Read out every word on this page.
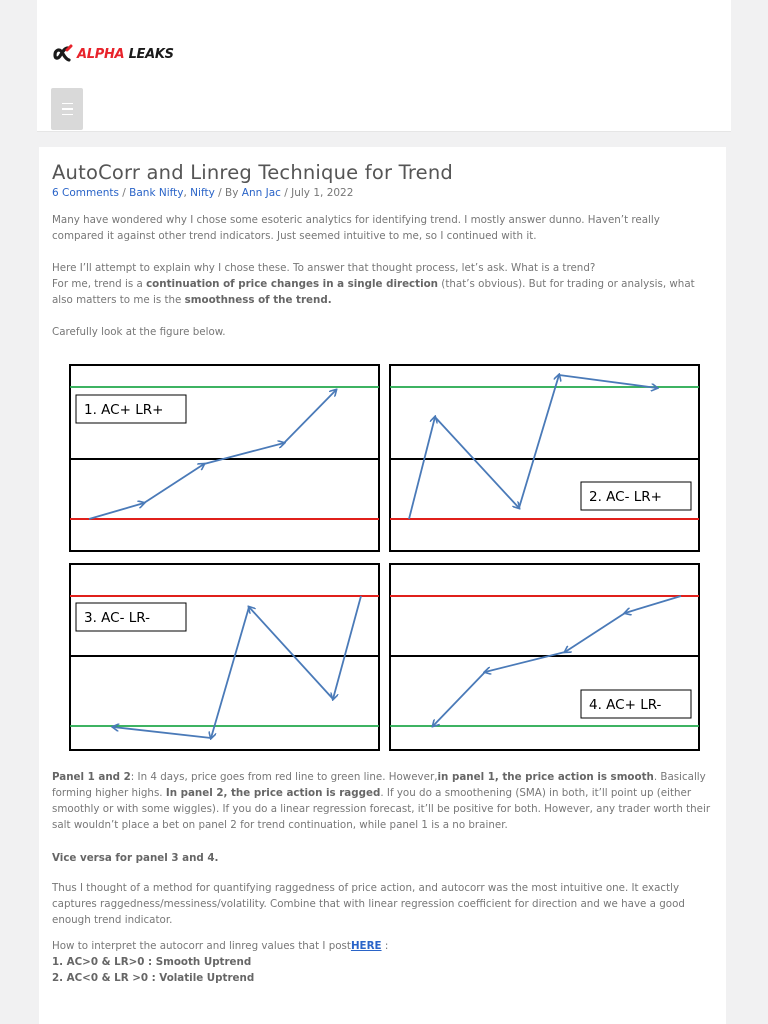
ALPHA LEAKS
AutoCorr and Linreg Technique for Trend
6 Comments / Bank Nifty, Nifty / By Ann Jac / July 1, 2022

Many have wondered why I chose some esoteric analytics for identifying trend. I mostly answer dunno. Haven’t really compared it against other trend indicators. Just seemed intuitive to me, so I continued with it.

Here I’ll attempt to explain why I chose these. To answer that thought process, let’s ask. What is a trend?
For me, trend is a continuation of price changes in a single direction (that’s obvious). But for trading or analysis, what also matters to me is the smoothness of the trend.

Carefully look at the figure below.

1. AC+ LR+
2. AC- LR+
3. AC- LR-
4. AC+ LR-

Panel 1 and 2: In 4 days, price goes from red line to green line. However,in panel 1, the price action is smooth. Basically forming higher highs. In panel 2, the price action is ragged. If you do a smoothening (SMA) in both, it’ll point up (either smoothly or with some wiggles). If you do a linear regression forecast, it’ll be positive for both. However, any trader worth their salt wouldn’t place a bet on panel 2 for trend continuation, while panel 1 is a no brainer.

Vice versa for panel 3 and 4.

Thus I thought of a method for quantifying raggedness of price action, and autocorr was the most intuitive one. It exactly captures raggedness/messiness/volatility. Combine that with linear regression coefficient for direction and we have a good enough trend indicator.

How to interpret the autocorr and linreg values that I postHERE :
1. AC>0 & LR>0 : Smooth Uptrend
2. AC<0 & LR >0 : Volatile Uptrend
